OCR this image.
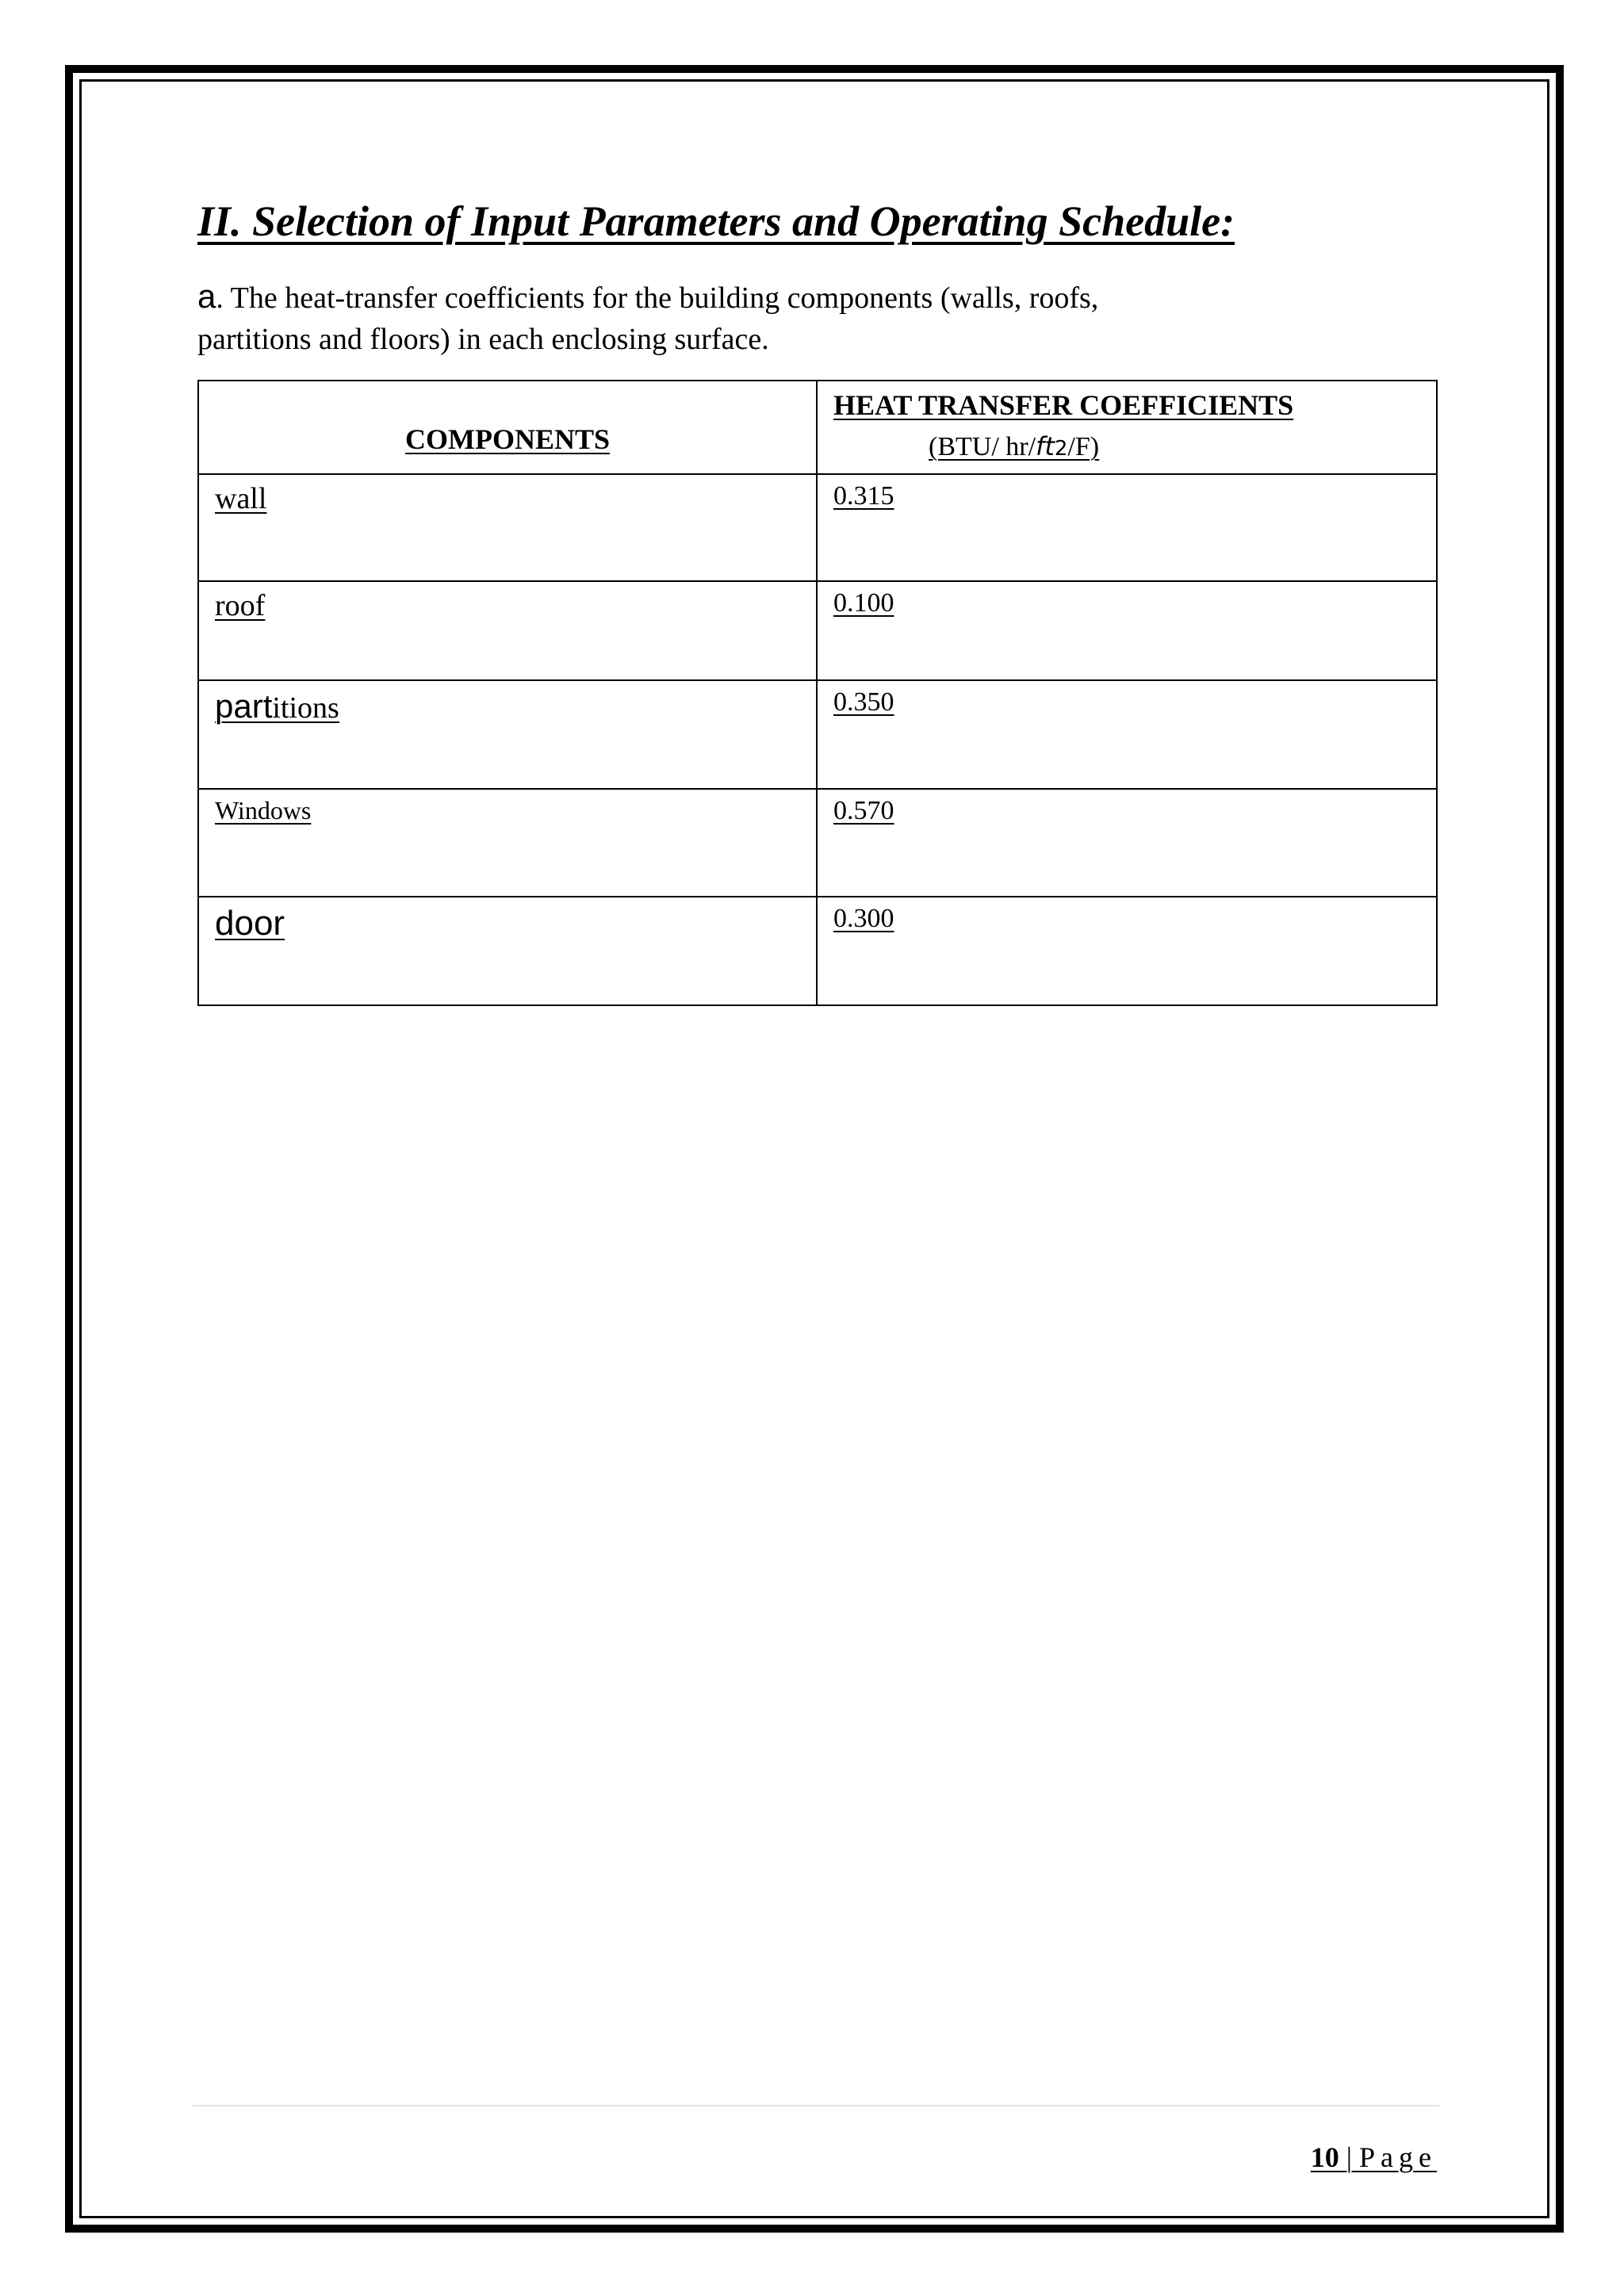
II. Selection of Input Parameters and Operating Schedule:
a. The heat-transfer coefficients for the building components (walls, roofs,
partitions and floors) in each enclosing surface.
COMPONENTS	HEAT TRANSFER COEFFICIENTS
(BTU/ hr/ft2/F)

wall	0.315
roof	0.100
partitions	0.350
Windows	0.570
door	0.300
10 | Page
